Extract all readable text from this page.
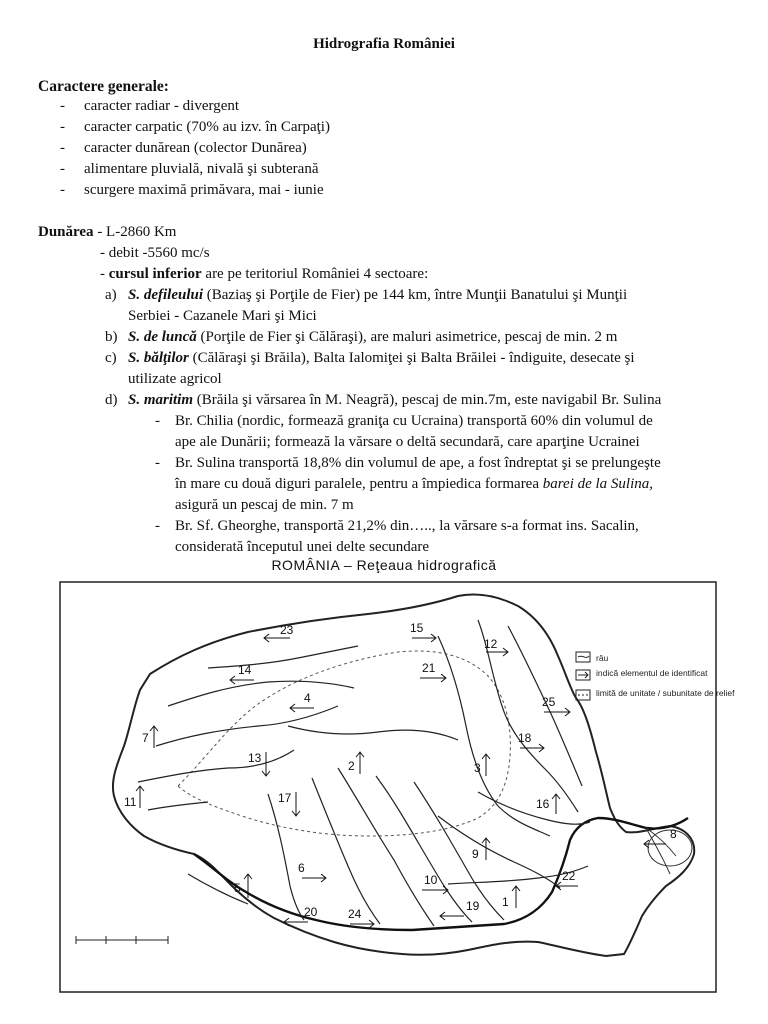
Hidrografia României
Caractere generale:
- caracter radiar - divergent
- caracter carpatic (70% au izv. în Carpaţi)
- caracter dunărean (colector Dunărea)
- alimentare pluvială, nivală şi subterană
- scurgere maximă primăvara, mai - iunie
Dunărea - L-2860 Km
- debit -5560 mc/s
- cursul inferior are pe teritoriul României 4 sectoare:
a) S. defileului (Baziaş şi Porţile de Fier) pe 144 km, între Munţii Banatului şi Munţii
Serbiei - Cazanele Mari şi Mici
b) S. de luncă (Porţile de Fier şi Călăraşi), are maluri asimetrice, pescaj de min. 2 m
c) S. bălţilor (Călăraşi şi Brăila), Balta Ialomiţei şi Balta Brăilei - îndiguite, desecate şi
utilizate agricol
d) S. maritim (Brăila şi vărsarea în M. Neagră), pescaj de min.7m, este navigabil Br. Sulina
- Br. Chilia (nordic, formează graniţa cu Ucraina) transportă 60% din volumul de
ape ale Dunării; formează la vărsare o deltă secundară, care aparţine Ucrainei
- Br. Sulina transportă 18,8% din volumul de ape, a fost îndreptat şi se prelungeşte
în mare cu două diguri paralele, pentru a împiedica formarea barei de la Sulina,
asigură un pescaj de min. 7 m
- Br. Sf. Gheorghe, transportă 21,2% din….., la vărsare s-a format ins. Sacalin,
considerată începutul unei delte secundare
ROMÂNIA – Reţeaua hidrografică
râu
indică elementul de identificat
limită de unitate / subunitate de relief
23	15
12
14	21
4	25
7	18
13
2	3
11	17	16
8
9
6
10	22
5
1
20	24
19
